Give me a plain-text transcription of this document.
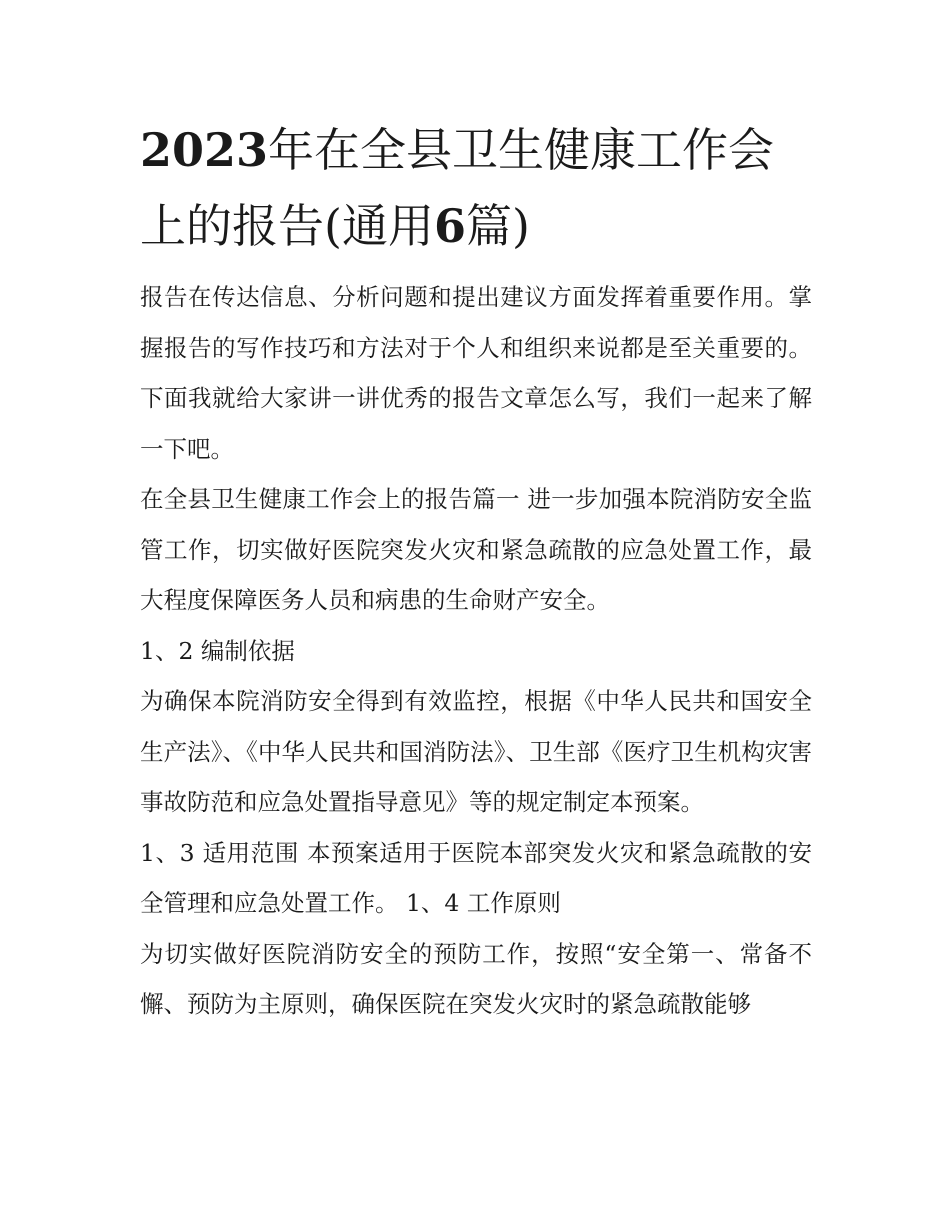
2023年在全县卫生健康工作会上的报告(通用6篇)

报告在传达信息、分析问题和提出建议方面发挥着重要作用。掌握报告的写作技巧和方法对于个人和组织来说都是至关重要的。下面我就给大家讲一讲优秀的报告文章怎么写，我们一起来了解一下吧。

在全县卫生健康工作会上的报告篇一 进一步加强本院消防安全监管工作，切实做好医院突发火灾和紧急疏散的应急处置工作，最大程度保障医务人员和病患的生命财产安全。

1、2 编制依据

为确保本院消防安全得到有效监控，根据《中华人民共和国安全生产法》、《中华人民共和国消防法》、卫生部《医疗卫生机构灾害事故防范和应急处置指导意见》等的规定制定本预案。

1、3 适用范围 本预案适用于医院本部突发火灾和紧急疏散的安全管理和应急处置工作。 1、4 工作原则

为切实做好医院消防安全的预防工作，按照“安全第一、常备不懈、预防为主原则，确保医院在突发火灾时的紧急疏散能够
